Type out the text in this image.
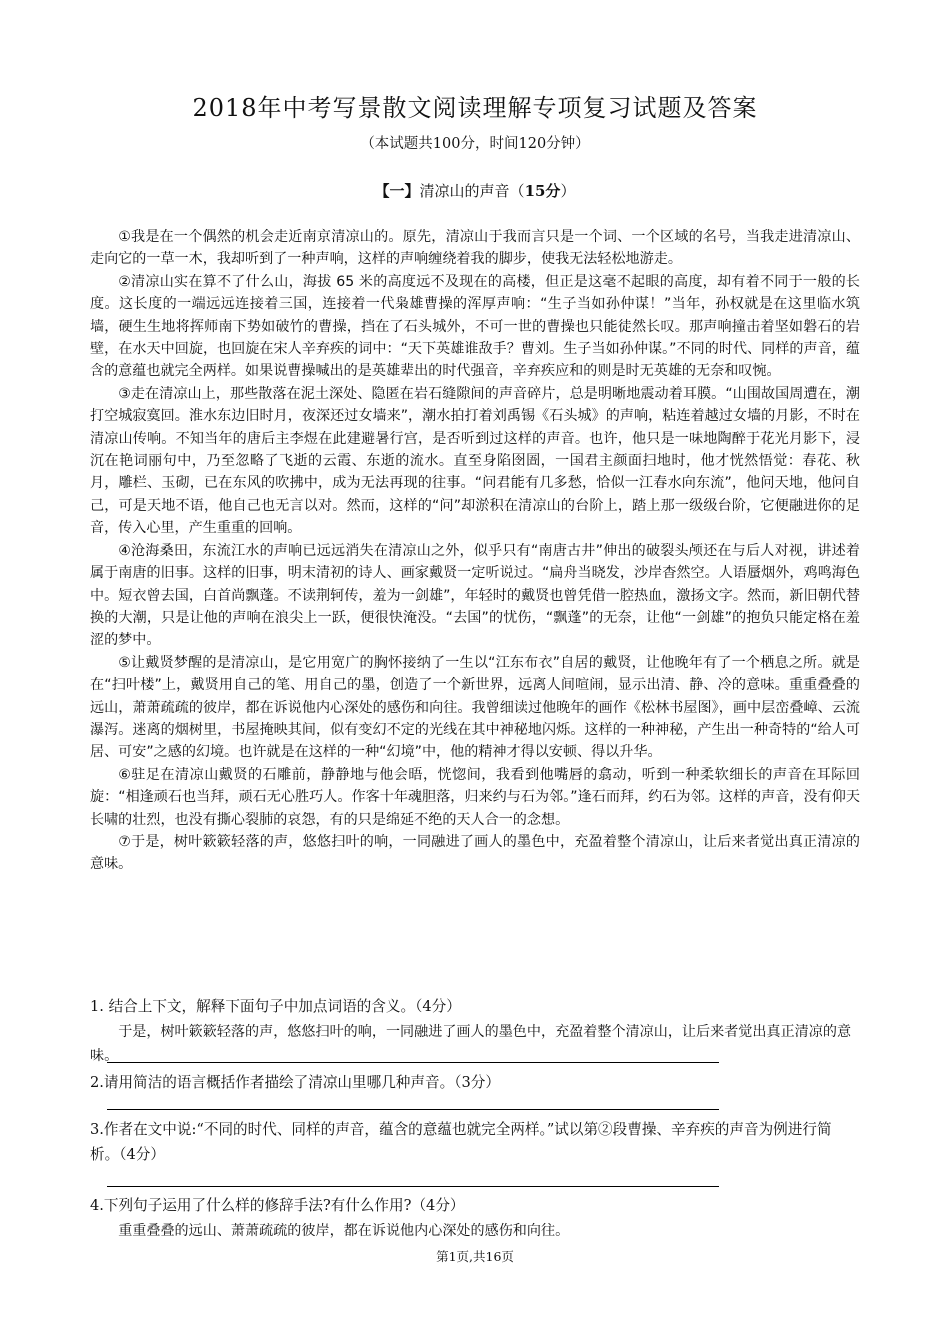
2018年中考写景散文阅读理解专项复习试题及答案
（本试题共100分，时间120分钟）
【一】清凉山的声音（15分）

①我是在一个偶然的机会走近南京清凉山的。原先，清凉山于我而言只是一个词、一个区域的名号，当我走进清凉山、走向它的一草一木，我却听到了一种声响，这样的声响缠绕着我的脚步，使我无法轻松地游走。

②清凉山实在算不了什么山，海拔 65 米的高度远不及现在的高楼，但正是这毫不起眼的高度，却有着不同于一般的长度。这长度的一端远远连接着三国，连接着一代枭雄曹操的浑厚声响：“生子当如孙仲谋！”当年，孙权就是在这里临水筑墙，硬生生地将挥师南下势如破竹的曹操，挡在了石头城外，不可一世的曹操也只能徒然长叹。那声响撞击着坚如磐石的岩壁，在水天中回旋，也回旋在宋人辛弃疾的词中：“天下英雄谁敌手？曹刘。生子当如孙仲谋。”不同的时代、同样的声音，蕴含的意蕴也就完全两样。如果说曹操喊出的是英雄辈出的时代强音，辛弃疾应和的则是时无英雄的无奈和叹惋。

③走在清凉山上，那些散落在泥土深处、隐匿在岩石缝隙间的声音碎片，总是明晰地震动着耳膜。“山围故国周遭在，潮打空城寂寞回。淮水东边旧时月，夜深还过女墙来”，潮水拍打着刘禹锡《石头城》的声响，粘连着越过女墙的月影，不时在清凉山传响。不知当年的唐后主李煜在此建避暑行宫，是否听到过这样的声音。也许，他只是一味地陶醉于花光月影下，浸沉在艳词丽句中，乃至忽略了飞逝的云霞、东逝的流水。直至身陷囹圄，一国君主颜面扫地时，他才恍然悟觉：春花、秋月，雕栏、玉砌，已在东风的吹拂中，成为无法再现的往事。“问君能有几多愁，恰似一江春水向东流”，他问天地，他问自己，可是天地不语，他自己也无言以对。然而，这样的“问”却淤积在清凉山的台阶上，踏上那一级级台阶，它便融进你的足音，传入心里，产生重重的回响。

④沧海桑田，东流江水的声响已远远消失在清凉山之外，似乎只有“南唐古井”伸出的破裂头颅还在与后人对视，讲述着属于南唐的旧事。这样的旧事，明末清初的诗人、画家戴贤一定听说过。“扁舟当晓发，沙岸杳然空。人语蜃烟外，鸡鸣海色中。短衣曾去国，白首尚飘蓬。不读荆轲传，羞为一剑雄”，年轻时的戴贤也曾凭借一腔热血，激扬文字。然而，新旧朝代替换的大潮，只是让他的声响在浪尖上一跃，便很快淹没。“去国”的忧伤，“飘蓬”的无奈，让他“一剑雄”的抱负只能定格在羞涩的梦中。

⑤让戴贤梦醒的是清凉山，是它用宽广的胸怀接纳了一生以“江东布衣”自居的戴贤，让他晚年有了一个栖息之所。就是在“扫叶楼”上，戴贤用自己的笔、用自己的墨，创造了一个新世界，远离人间喧闹，显示出清、静、冷的意味。重重叠叠的远山，萧萧疏疏的彼岸，都在诉说他内心深处的感伤和向往。我曾细读过他晚年的画作《松林书屋图》，画中层峦叠嶂、云流瀑泻。迷离的烟树里，书屋掩映其间，似有变幻不定的光线在其中神秘地闪烁。这样的一种神秘，产生出一种奇特的“给人可居、可安”之感的幻境。也许就是在这样的一种“幻境”中，他的精神才得以安顿、得以升华。

⑥驻足在清凉山戴贤的石雕前，静静地与他会晤，恍惚间，我看到他嘴唇的翕动，听到一种柔软细长的声音在耳际回旋：“相逢顽石也当拜，顽石无心胜巧人。作客十年魂胆落，归来约与石为邻。”逢石而拜，约石为邻。这样的声音，没有仰天长啸的壮烈，也没有撕心裂肺的哀怨，有的只是绵延不绝的天人合一的念想。

⑦于是，树叶簌簌轻落的声，悠悠扫叶的响，一同融进了画人的墨色中，充盈着整个清凉山，让后来者觉出真正清凉的意味。

1. 结合上下文，解释下面句子中加点词语的含义。（4分）
于是，树叶簌簌轻落的声，悠悠扫叶的响，一同融进了画人的墨色中，充盈着整个清凉山，让后来者觉出真正清凉的意味。
2.请用简洁的语言概括作者描绘了清凉山里哪几种声音。（3分）
3.作者在文中说:“不同的时代、同样的声音，蕴含的意蕴也就完全两样。”试以第②段曹操、辛弃疾的声音为例进行简析。（4分）
4.下列句子运用了什么样的修辞手法?有什么作用?（4分）
重重叠叠的远山、萧萧疏疏的彼岸，都在诉说他内心深处的感伤和向往。
第1页,共16页
